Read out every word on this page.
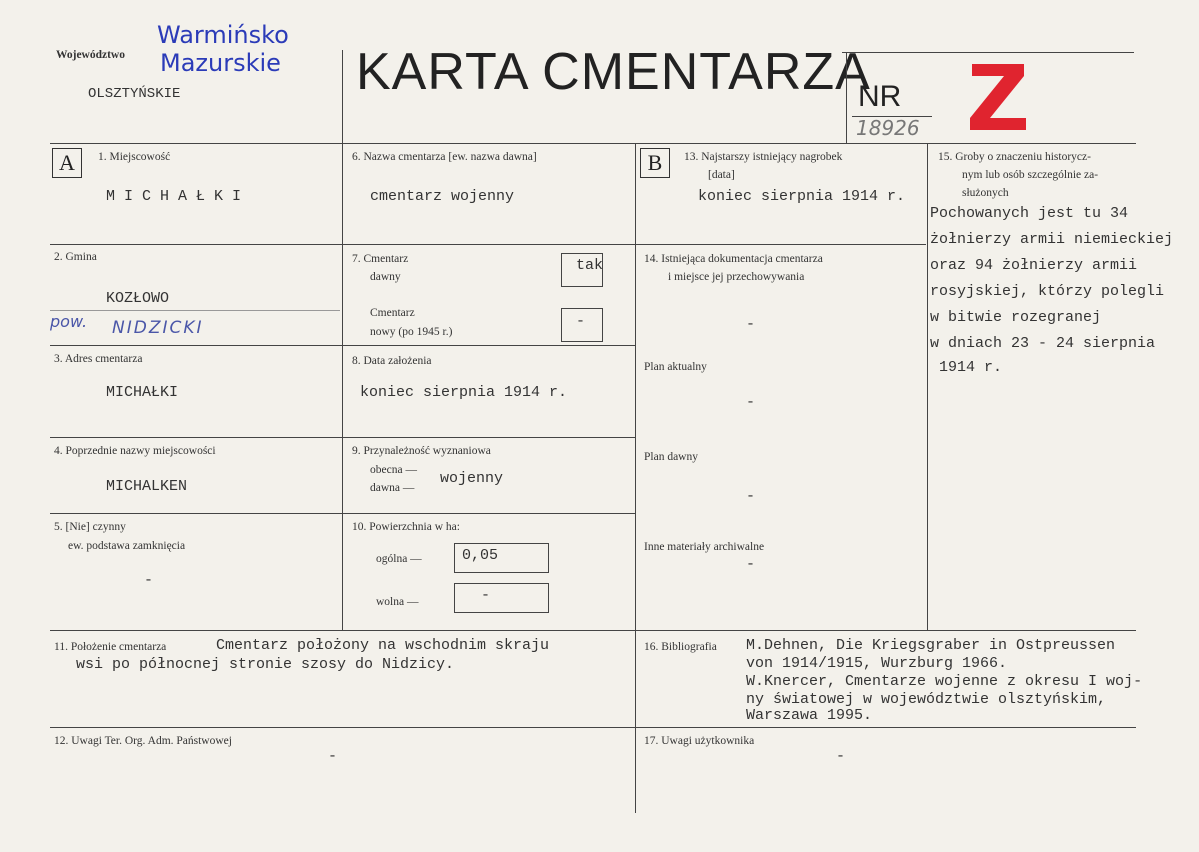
Województwo
OLSZTYŃSKIE
Warmińsko
Mazurskie KARTA CMENTARZA
NR
18926
A	B
1. Miejscowość
M I C H A Ł K I
2. Gmina
KOZŁOWO
pow. NIDZICKI
3. Adres cmentarza
MICHAŁKI
4. Poprzednie nazwy miejscowości
MICHALKEN
5. [Nie] czynny
ew. podstawa zamknięcia
-
6. Nazwa cmentarza [ew. nazwa dawna]
cmentarz wojenny
7. Cmentarz
dawny
tak
Cmentarz
nowy (po 1945 r.)
-
8. Data założenia
koniec sierpnia 1914 r.
9. Przynależność wyznaniowa
obecna —
dawna —
wojenny
10. Powierzchnia w ha:
ogólna —	0,05
wolna —	-
13. Najstarszy istniejący nagrobek
[data]
koniec sierpnia 1914 r.
14. Istniejąca dokumentacja cmentarza
i miejsce jej przechowywania
-
Plan aktualny
-
Plan dawny
-
Inne materiały archiwalne
-
15. Groby o znaczeniu historycz-
nym lub osób szczególnie za-
służonych
Pochowanych jest tu 34
żołnierzy armii niemieckiej
oraz 94 żołnierzy armii
rosyjskiej, którzy polegli
w bitwie rozegranej
w dniach 23 - 24 sierpnia
1914 r.
11. Położenie cmentarza	Cmentarz położony na wschodnim skraju
wsi po północnej stronie szosy do Nidzicy.
16. Bibliografia M.Dehnen, Die Kriegsgraber in Ostpreussen
von 1914/1915, Wurzburg 1966.
W.Knercer, Cmentarze wojenne z okresu I woj-
ny światowej w województwie olsztyńskim,
Warszawa 1995.
12. Uwagi Ter. Org. Adm. Państwowej
-
17. Uwagi użytkownika
-
